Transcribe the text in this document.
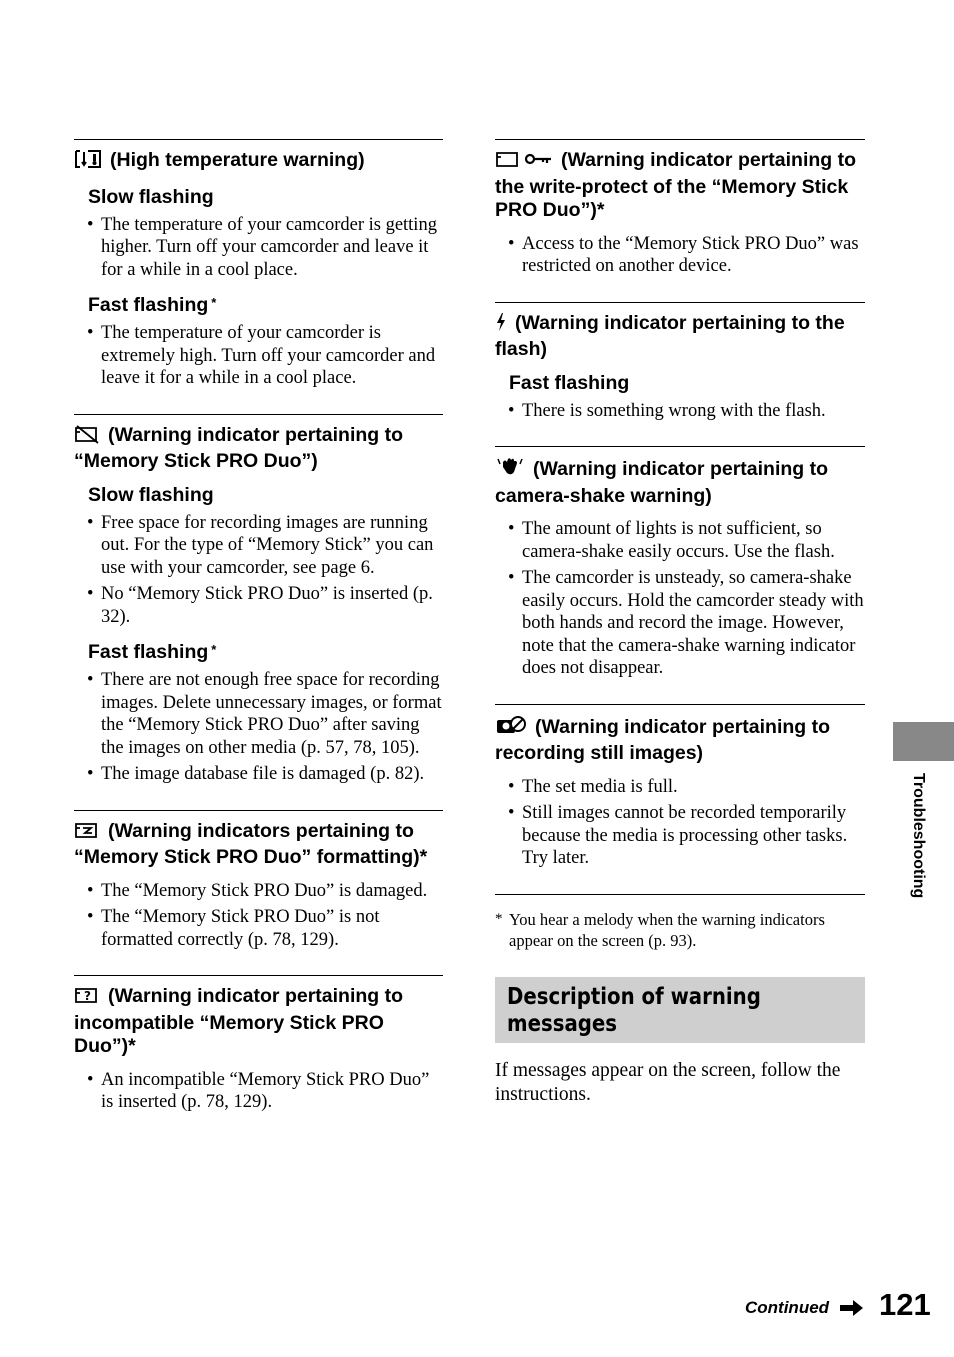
(High temperature warning)
Slow flashing
• The temperature of your camcorder is getting higher. Turn off your camcorder and leave it for a while in a cool place.
Fast flashing *
• The temperature of your camcorder is extremely high. Turn off your camcorder and leave it for a while in a cool place.
(Warning indicator pertaining to “Memory Stick PRO Duo”)
Slow flashing
• Free space for recording images are running out. For the type of “Memory Stick” you can use with your camcorder, see page 6.
• No “Memory Stick PRO Duo” is inserted (p. 32).
Fast flashing *
• There are not enough free space for recording images. Delete unnecessary images, or format the “Memory Stick PRO Duo” after saving the images on other media (p. 57, 78, 105).
• The image database file is damaged (p. 82).
(Warning indicators pertaining to “Memory Stick PRO Duo” formatting)*
• The “Memory Stick PRO Duo” is damaged.
• The “Memory Stick PRO Duo” is not formatted correctly (p. 78, 129).
? (Warning indicator pertaining to incompatible “Memory Stick PRO Duo”)*
• An incompatible “Memory Stick PRO Duo” is inserted (p. 78, 129).
(Warning indicator pertaining to the write-protect of the “Memory Stick PRO Duo”)*
• Access to the “Memory Stick PRO Duo” was restricted on another device.
(Warning indicator pertaining to the flash)
Fast flashing
• There is something wrong with the flash.
(Warning indicator pertaining to camera-shake warning)
• The amount of lights is not sufficient, so camera-shake easily occurs. Use the flash.
• The camcorder is unsteady, so camera-shake easily occurs. Hold the camcorder steady with both hands and record the image. However, note that the camera-shake warning indicator does not disappear.
(Warning indicator pertaining to recording still images)
• The set media is full.
• Still images cannot be recorded temporarily because the media is processing other tasks. Try later.
* You hear a melody when the warning indicators appear on the screen (p. 93).
Description of warning messages
If messages appear on the screen, follow the instructions.
Troubleshooting
Continued 121
